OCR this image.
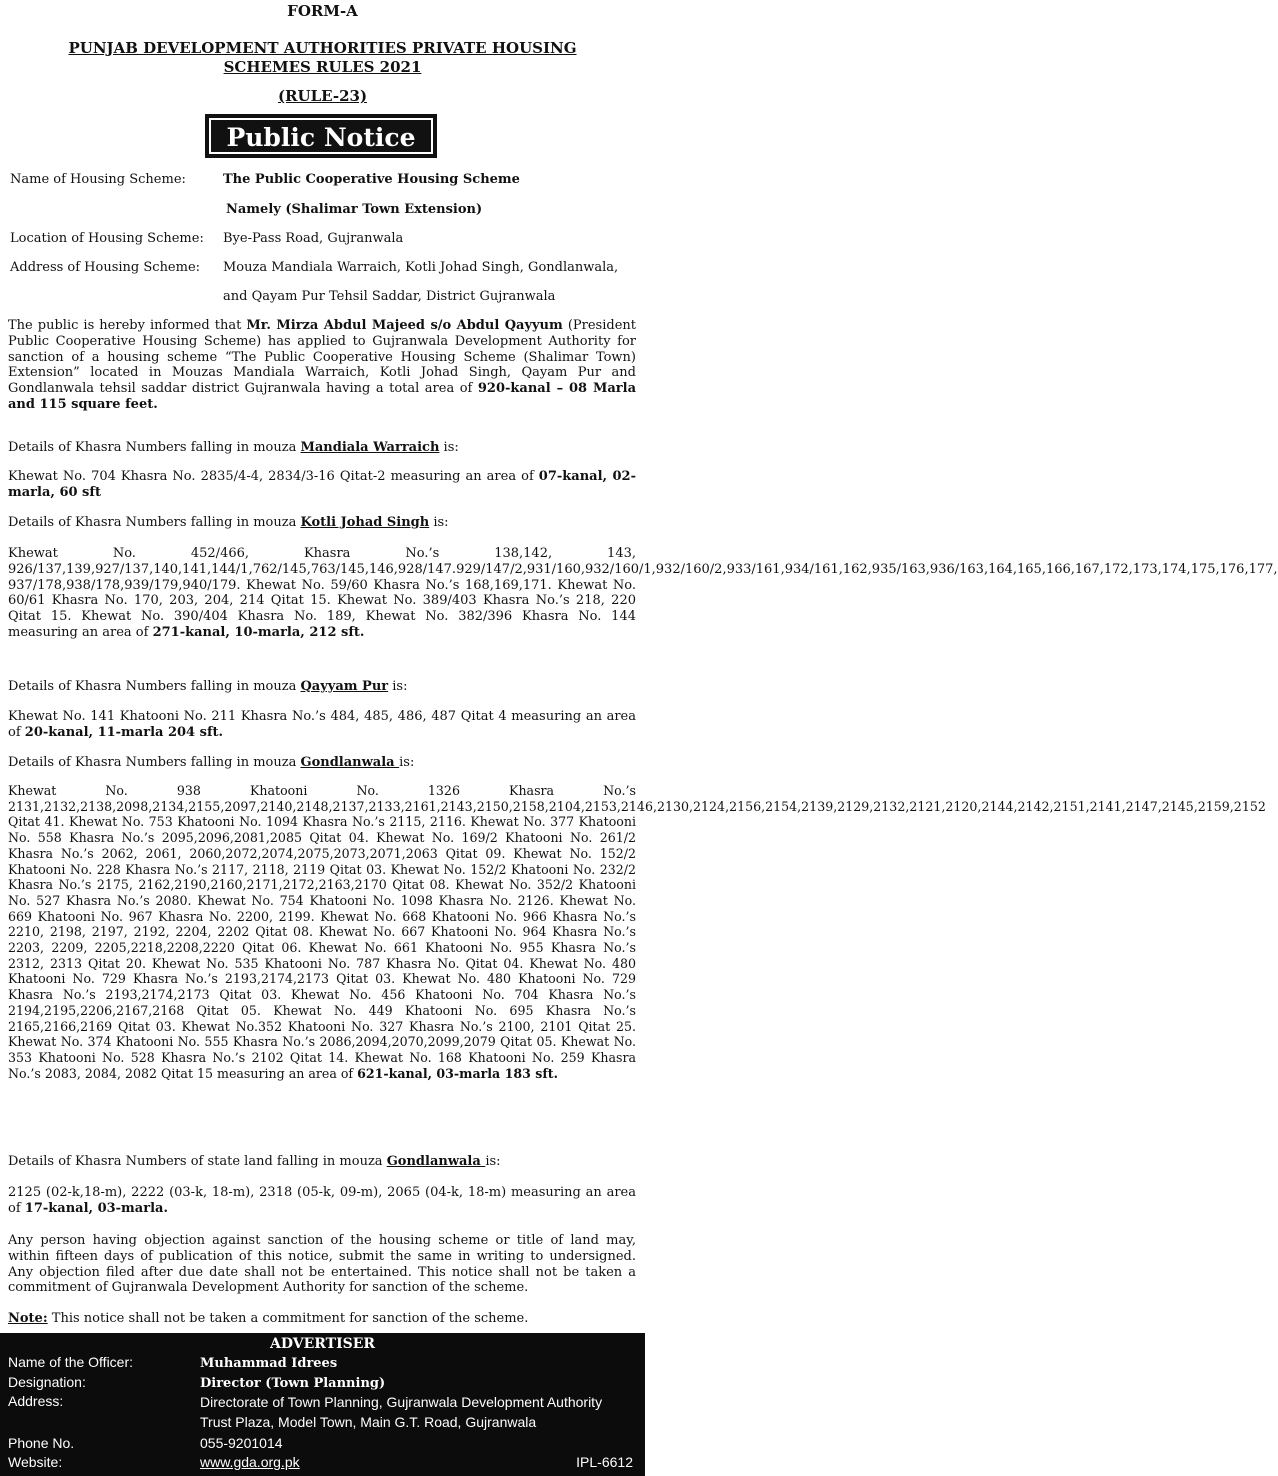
FORM-A
PUNJAB DEVELOPMENT AUTHORITIES PRIVATE HOUSING
SCHEMES RULES 2021
(RULE-23)
Public Notice
Name of Housing Scheme:	The Public Cooperative Housing Scheme
Namely (Shalimar Town Extension)
Location of Housing Scheme: Bye-Pass Road, Gujranwala
Address of Housing Scheme: Mouza Mandiala Warraich, Kotli Johad Singh, Gondlanwala,
and Qayam Pur Tehsil Saddar, District Gujranwala
The public is hereby informed that Mr. Mirza Abdul Majeed s/o Abdul Qayyum (President Public Cooperative Housing Scheme) has applied to Gujranwala Development Authority for sanction of a housing scheme “The Public Cooperative Housing Scheme (Shalimar Town) Extension” located in Mouzas Mandiala Warraich, Kotli Johad Singh, Qayam Pur and Gondlanwala tehsil saddar district Gujranwala having a total area of 920-kanal – 08 Marla and 115 square feet.
Details of Khasra Numbers falling in mouza Mandiala Warraich is:
Khewat No. 704 Khasra No. 2835/4-4, 2834/3-16 Qitat-2 measuring an area of 07-kanal, 02-marla, 60 sft
Details of Khasra Numbers falling in mouza Kotli Johad Singh is:
Khewat No. 452/466, Khasra No.’s 138,142, 143, 926/137,139,927/137,140,141,144/1,762/145,763/145,146,928/147.929/147/2,931/160,932/160/1,932/160/2,933/161,934/161,162,935/163,936/163,164,165,166,167,172,173,174,175,176,177, 937/178,938/178,939/179,940/179. Khewat No. 59/60 Khasra No.’s 168,169,171. Khewat No. 60/61 Khasra No. 170, 203, 204, 214 Qitat 15. Khewat No. 389/403 Khasra No.’s 218, 220 Qitat 15. Khewat No. 390/404 Khasra No. 189, Khewat No. 382/396 Khasra No. 144 measuring an area of 271-kanal, 10-marla, 212 sft.
Details of Khasra Numbers falling in mouza Qayyam Pur is:
Khewat No. 141 Khatooni No. 211 Khasra No.’s 484, 485, 486, 487 Qitat 4 measuring an area of 20-kanal, 11-marla 204 sft.
Details of Khasra Numbers falling in mouza Gondlanwala is:
Khewat No. 938 Khatooni No. 1326 Khasra No.’s 2131,2132,2138,2098,2134,2155,2097,2140,2148,2137,2133,2161,2143,2150,2158,2104,2153,2146,2130,2124,2156,2154,2139,2129,2132,2121,2120,2144,2142,2151,2141,2147,2145,2159,2152 Qitat 41. Khewat No. 753 Khatooni No. 1094 Khasra No.’s 2115, 2116. Khewat No. 377 Khatooni No. 558 Khasra No.’s 2095,2096,2081,2085 Qitat 04. Khewat No. 169/2 Khatooni No. 261/2 Khasra No.’s 2062, 2061, 2060,2072,2074,2075,2073,2071,2063 Qitat 09. Khewat No. 152/2 Khatooni No. 228 Khasra No.’s 2117, 2118, 2119 Qitat 03. Khewat No. 152/2 Khatooni No. 232/2 Khasra No.’s 2175, 2162,2190,2160,2171,2172,2163,2170 Qitat 08. Khewat No. 352/2 Khatooni No. 527 Khasra No.’s 2080. Khewat No. 754 Khatooni No. 1098 Khasra No. 2126. Khewat No. 669 Khatooni No. 967 Khasra No. 2200, 2199. Khewat No. 668 Khatooni No. 966 Khasra No.’s 2210, 2198, 2197, 2192, 2204, 2202 Qitat 08. Khewat No. 667 Khatooni No. 964 Khasra No.’s 2203, 2209, 2205,2218,2208,2220 Qitat 06. Khewat No. 661 Khatooni No. 955 Khasra No.’s 2312, 2313 Qitat 20. Khewat No. 535 Khatooni No. 787 Khasra No. Qitat 04. Khewat No. 480 Khatooni No. 729 Khasra No.’s 2193,2174,2173 Qitat 03. Khewat No. 480 Khatooni No. 729 Khasra No.’s 2193,2174,2173 Qitat 03. Khewat No. 456 Khatooni No. 704 Khasra No.’s 2194,2195,2206,2167,2168 Qitat 05. Khewat No. 449 Khatooni No. 695 Khasra No.’s 2165,2166,2169 Qitat 03. Khewat No.352 Khatooni No. 327 Khasra No.’s 2100, 2101 Qitat 25. Khewat No. 374 Khatooni No. 555 Khasra No.’s 2086,2094,2070,2099,2079 Qitat 05. Khewat No. 353 Khatooni No. 528 Khasra No.’s 2102 Qitat 14. Khewat No. 168 Khatooni No. 259 Khasra No.’s 2083, 2084, 2082 Qitat 15 measuring an area of 621-kanal, 03-marla 183 sft.
Details of Khasra Numbers of state land falling in mouza Gondlanwala is:
2125 (02-k,18-m), 2222 (03-k, 18-m), 2318 (05-k, 09-m), 2065 (04-k, 18-m) measuring an area of 17-kanal, 03-marla.
Any person having objection against sanction of the housing scheme or title of land may, within fifteen days of publication of this notice, submit the same in writing to undersigned. Any objection filed after due date shall not be entertained. This notice shall not be taken a commitment of Gujranwala Development Authority for sanction of the scheme.
Note: This notice shall not be taken a commitment for sanction of the scheme.
ADVERTISER
Name of the Officer:	Muhammad Idrees
Designation:	Director (Town Planning)
Address:	Directorate of Town Planning, Gujranwala Development Authority
Trust Plaza, Model Town, Main G.T. Road, Gujranwala
Phone No.	055-9201014
Website:	www.gda.org.pk	IPL-6612
